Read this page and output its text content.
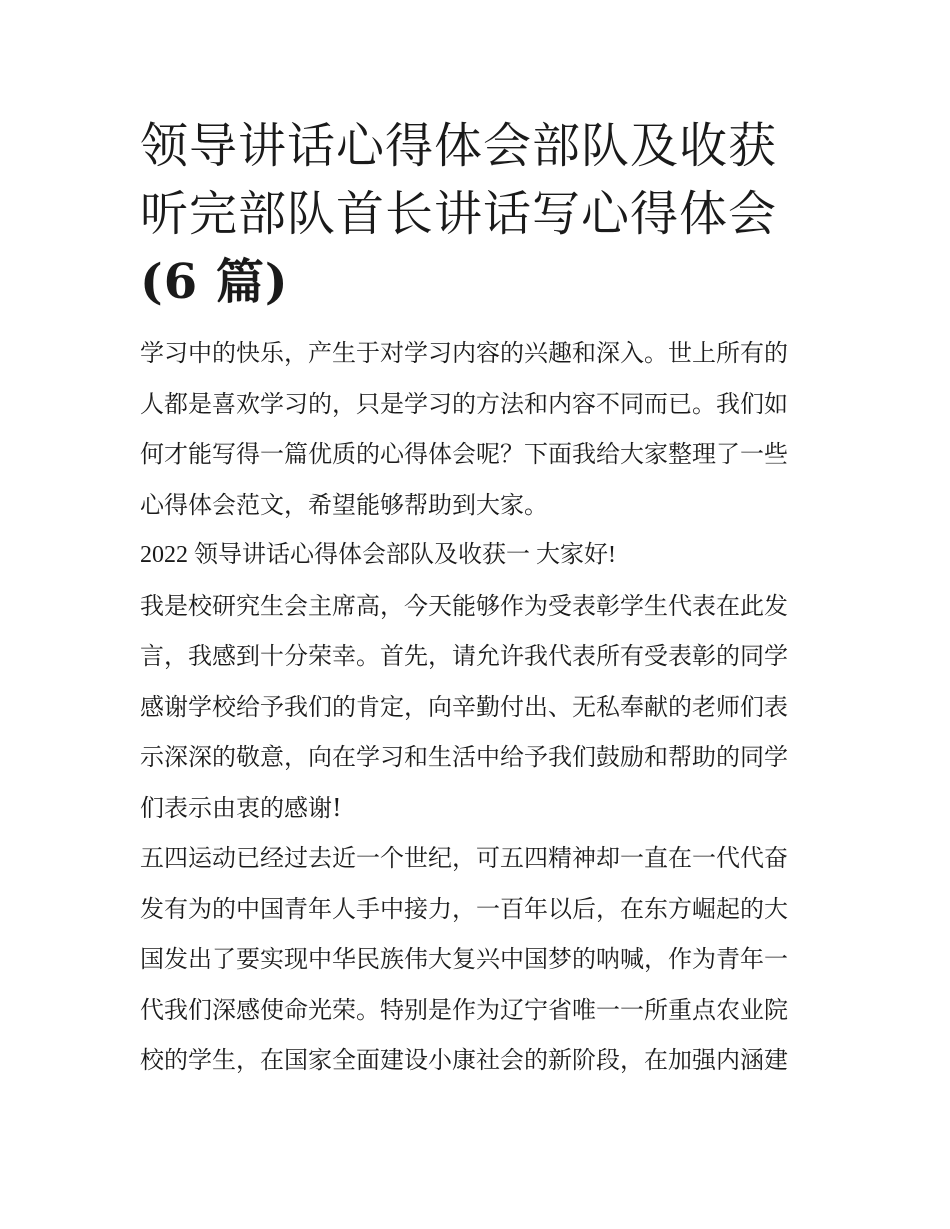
领导讲话心得体会部队及收获
听完部队首长讲话写心得体会
(6 篇)
学习中的快乐，产生于对学习内容的兴趣和深入。世上所有的
人都是喜欢学习的，只是学习的方法和内容不同而已。我们如
何才能写得一篇优质的心得体会呢？下面我给大家整理了一些
心得体会范文，希望能够帮助到大家。
2022 领导讲话心得体会部队及收获一 大家好!
我是校研究生会主席高，今天能够作为受表彰学生代表在此发
言，我感到十分荣幸。首先，请允许我代表所有受表彰的同学
感谢学校给予我们的肯定，向辛勤付出、无私奉献的老师们表
示深深的敬意，向在学习和生活中给予我们鼓励和帮助的同学
们表示由衷的感谢!
五四运动已经过去近一个世纪，可五四精神却一直在一代代奋
发有为的中国青年人手中接力，一百年以后，在东方崛起的大
国发出了要实现中华民族伟大复兴中国梦的呐喊，作为青年一
代我们深感使命光荣。特别是作为辽宁省唯一一所重点农业院
校的学生，在国家全面建设小康社会的新阶段，在加强内涵建
